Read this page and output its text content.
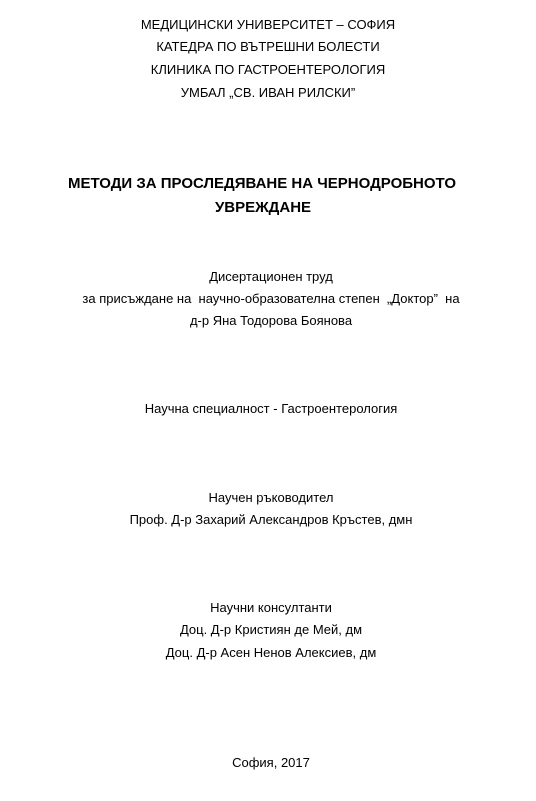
МЕДИЦИНСКИ УНИВЕРСИТЕТ – СОФИЯ
КАТЕДРА ПО ВЪТРЕШНИ БОЛЕСТИ
КЛИНИКА ПО ГАСТРОЕНТЕРОЛОГИЯ
УМБАЛ „СВ. ИВАН РИЛСКИ”
МЕТОДИ ЗА ПРОСЛЕДЯВАНЕ НА ЧЕРНОДРОБНОТО
УВРЕЖДАНЕ
Дисертационен труд
за присъждане на  научно-образователна степен  „Доктор”  на
д-р Яна Тодорова Боянова
Научна специалност - Гастроентерология
Научен ръководител
Проф. Д-р Захарий Александров Кръстев, дмн
Научни консултанти
Доц. Д-р Кристиян де Мей, дм
Доц. Д-р Асен Ненов Алексиев, дм
София, 2017
